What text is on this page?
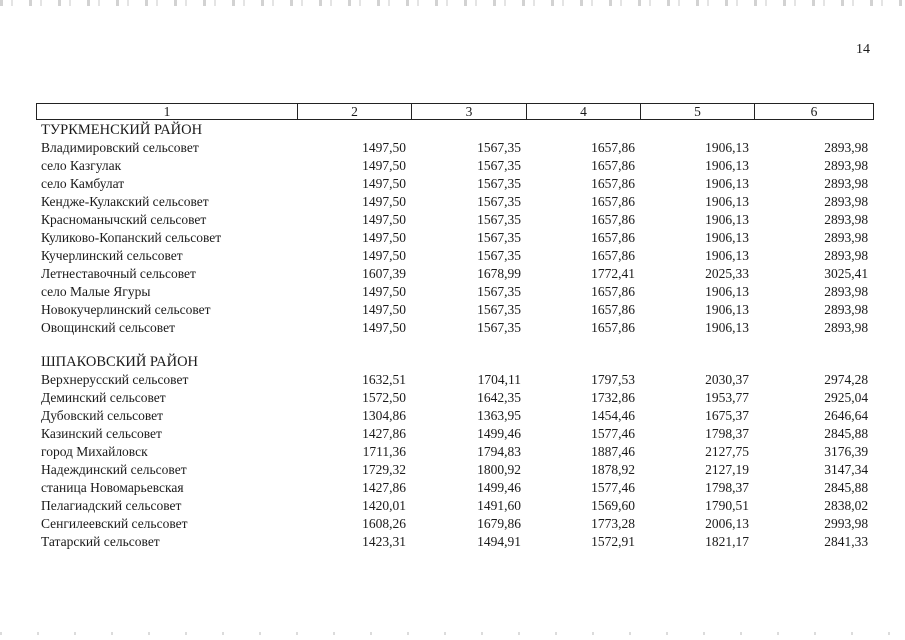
14
1	2	3	4	5	6
ТУРКМЕНСКИЙ РАЙОН					
Владимировский сельсовет	1497,50	1567,35	1657,86	1906,13	2893,98
село Казгулак	1497,50	1567,35	1657,86	1906,13	2893,98
село Камбулат	1497,50	1567,35	1657,86	1906,13	2893,98
Кендже-Кулакский сельсовет	1497,50	1567,35	1657,86	1906,13	2893,98
Красноманычский сельсовет	1497,50	1567,35	1657,86	1906,13	2893,98
Куликово-Копанский сельсовет	1497,50	1567,35	1657,86	1906,13	2893,98
Кучерлинский сельсовет	1497,50	1567,35	1657,86	1906,13	2893,98
Летнеставочный сельсовет	1607,39	1678,99	1772,41	2025,33	3025,41
село Малые Ягуры	1497,50	1567,35	1657,86	1906,13	2893,98
Новокучерлинский сельсовет	1497,50	1567,35	1657,86	1906,13	2893,98
Овощинский сельсовет	1497,50	1567,35	1657,86	1906,13	2893,98

ШПАКОВСКИЙ РАЙОН					
Верхнерусский сельсовет	1632,51	1704,11	1797,53	2030,37	2974,28
Деминский сельсовет	1572,50	1642,35	1732,86	1953,77	2925,04
Дубовский сельсовет	1304,86	1363,95	1454,46	1675,37	2646,64
Казинский сельсовет	1427,86	1499,46	1577,46	1798,37	2845,88
город Михайловск	1711,36	1794,83	1887,46	2127,75	3176,39
Надеждинский сельсовет	1729,32	1800,92	1878,92	2127,19	3147,34
станица Новомарьевская	1427,86	1499,46	1577,46	1798,37	2845,88
Пелагиадский сельсовет	1420,01	1491,60	1569,60	1790,51	2838,02
Сенгилеевский сельсовет	1608,26	1679,86	1773,28	2006,13	2993,98
Татарский сельсовет	1423,31	1494,91	1572,91	1821,17	2841,33
